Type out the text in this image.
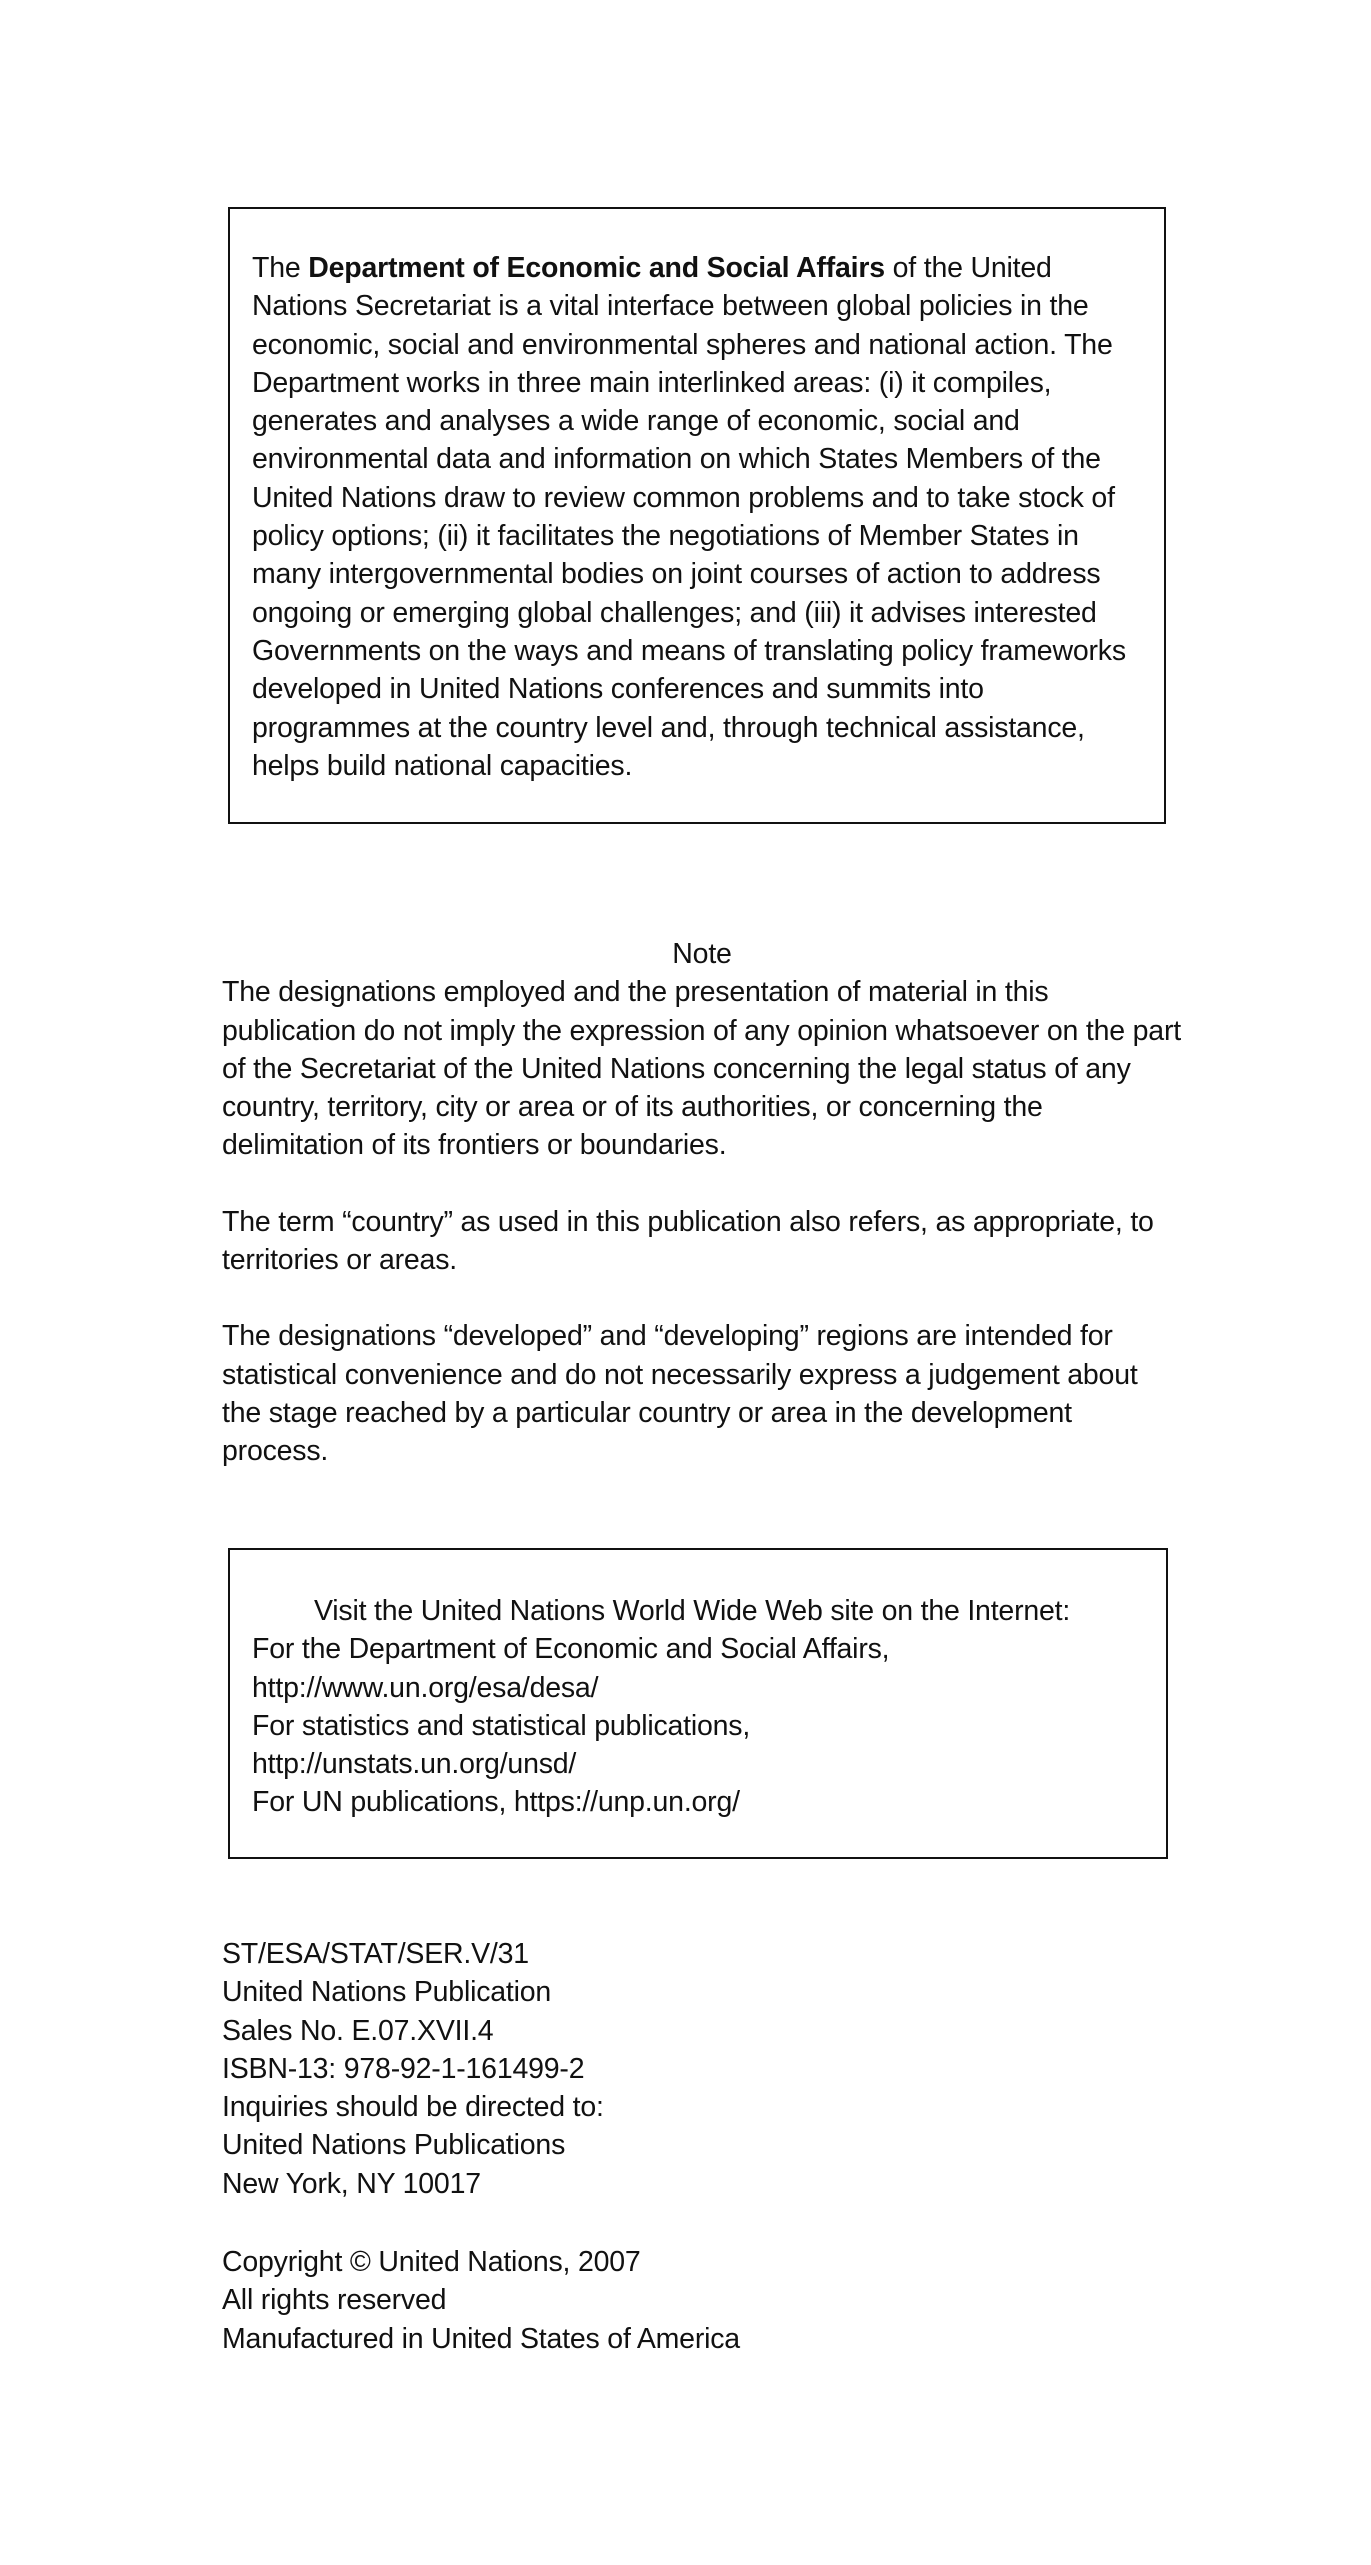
The Department of Economic and Social Affairs of the United Nations Secretariat is a vital interface between global policies in the economic, social and environmental spheres and national action. The Department works in three main interlinked areas: (i) it compiles, generates and analyses a wide range of economic, social and environmental data and information on which States Members of the United Nations draw to review common problems and to take stock of policy options; (ii) it facilitates the negotiations of Member States in many intergovernmental bodies on joint courses of action to address ongoing or emerging global challenges; and (iii) it advises interested Governments on the ways and means of translating policy frameworks developed in United Nations conferences and summits into programmes at the country level and, through technical assistance, helps build national capacities.

Note

The designations employed and the presentation of material in this publication do not imply the expression of any opinion whatsoever on the part of the Secretariat of the United Nations concerning the legal status of any country, territory, city or area or of its authorities, or concerning the delimitation of its frontiers or boundaries.

The term “country” as used in this publication also refers, as appropriate, to territories or areas.

The designations “developed” and “developing” regions are intended for statistical convenience and do not necessarily express a judgement about the stage reached by a particular country or area in the development process.

Visit the United Nations World Wide Web site on the Internet:
For the Department of Economic and Social Affairs,
http://www.un.org/esa/desa/
For statistics and statistical publications,
http://unstats.un.org/unsd/
For UN publications, https://unp.un.org/
ST/ESA/STAT/SER.V/31
United Nations Publication
Sales No. E.07.XVII.4
ISBN-13: 978-92-1-161499-2
Inquiries should be directed to:
United Nations Publications
New York, NY 10017
Copyright © United Nations, 2007
All rights reserved
Manufactured in United States of America
